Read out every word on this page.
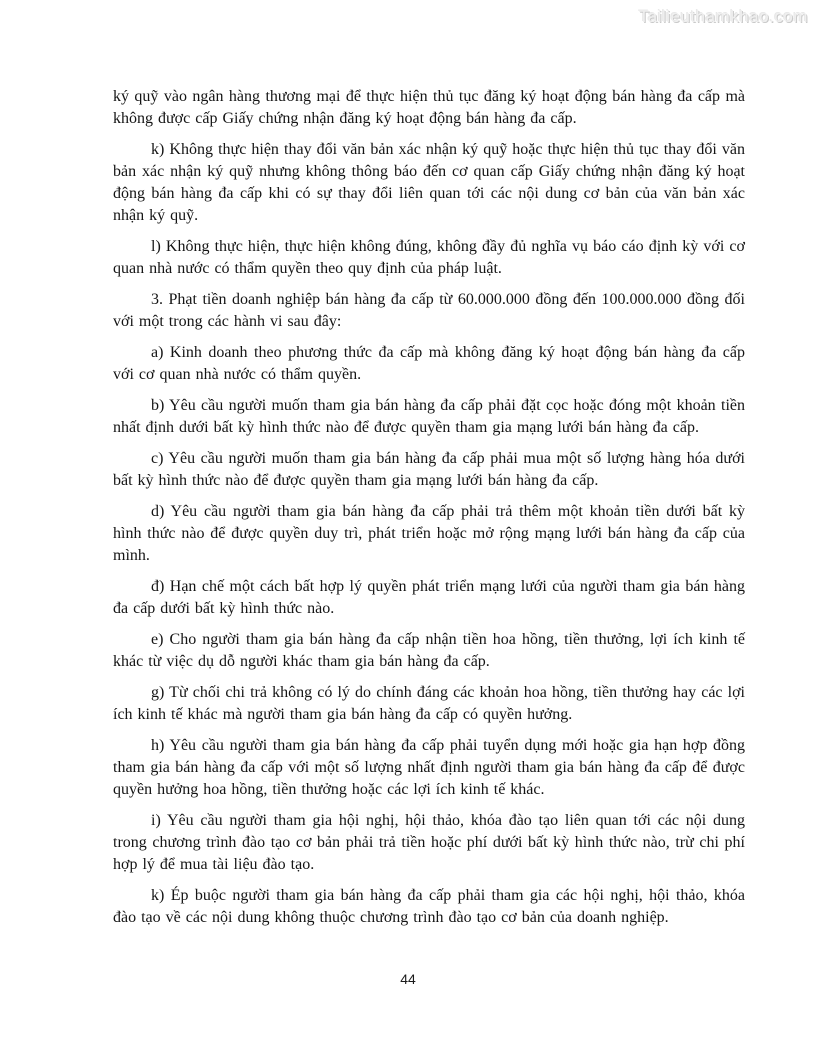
Tailieuthamkhao.com

ký quỹ vào ngân hàng thương mại để thực hiện thủ tục đăng ký hoạt động bán hàng đa cấp mà không được cấp Giấy chứng nhận đăng ký hoạt động bán hàng đa cấp.

k) Không thực hiện thay đổi văn bản xác nhận ký quỹ hoặc thực hiện thủ tục thay đổi văn bản xác nhận ký quỹ nhưng không thông báo đến cơ quan cấp Giấy chứng nhận đăng ký hoạt động bán hàng đa cấp khi có sự thay đổi liên quan tới các nội dung cơ bản của văn bản xác nhận ký quỹ.

l) Không thực hiện, thực hiện không đúng, không đầy đủ nghĩa vụ báo cáo định kỳ với cơ quan nhà nước có thẩm quyền theo quy định của pháp luật.

3. Phạt tiền doanh nghiệp bán hàng đa cấp từ 60.000.000 đồng đến 100.000.000 đồng đối với một trong các hành vi sau đây:

a) Kinh doanh theo phương thức đa cấp mà không đăng ký hoạt động bán hàng đa cấp với cơ quan nhà nước có thẩm quyền.

b) Yêu cầu người muốn tham gia bán hàng đa cấp phải đặt cọc hoặc đóng một khoản tiền nhất định dưới bất kỳ hình thức nào để được quyền tham gia mạng lưới bán hàng đa cấp.

c) Yêu cầu người muốn tham gia bán hàng đa cấp phải mua một số lượng hàng hóa dưới bất kỳ hình thức nào để được quyền tham gia mạng lưới bán hàng đa cấp.

d) Yêu cầu người tham gia bán hàng đa cấp phải trả thêm một khoản tiền dưới bất kỳ hình thức nào để được quyền duy trì, phát triển hoặc mở rộng mạng lưới bán hàng đa cấp của mình.

đ) Hạn chế một cách bất hợp lý quyền phát triển mạng lưới của người tham gia bán hàng đa cấp dưới bất kỳ hình thức nào.

e) Cho người tham gia bán hàng đa cấp nhận tiền hoa hồng, tiền thưởng, lợi ích kinh tế khác từ việc dụ dỗ người khác tham gia bán hàng đa cấp.

g) Từ chối chi trả không có lý do chính đáng các khoản hoa hồng, tiền thưởng hay các lợi ích kinh tế khác mà người tham gia bán hàng đa cấp có quyền hưởng.

h) Yêu cầu người tham gia bán hàng đa cấp phải tuyển dụng mới hoặc gia hạn hợp đồng tham gia bán hàng đa cấp với một số lượng nhất định người tham gia bán hàng đa cấp để được quyền hưởng hoa hồng, tiền thưởng hoặc các lợi ích kinh tế khác.

i) Yêu cầu người tham gia hội nghị, hội thảo, khóa đào tạo liên quan tới các nội dung trong chương trình đào tạo cơ bản phải trả tiền hoặc phí dưới bất kỳ hình thức nào, trừ chi phí hợp lý để mua tài liệu đào tạo.

k) Ép buộc người tham gia bán hàng đa cấp phải tham gia các hội nghị, hội thảo, khóa đào tạo về các nội dung không thuộc chương trình đào tạo cơ bản của doanh nghiệp.

44
